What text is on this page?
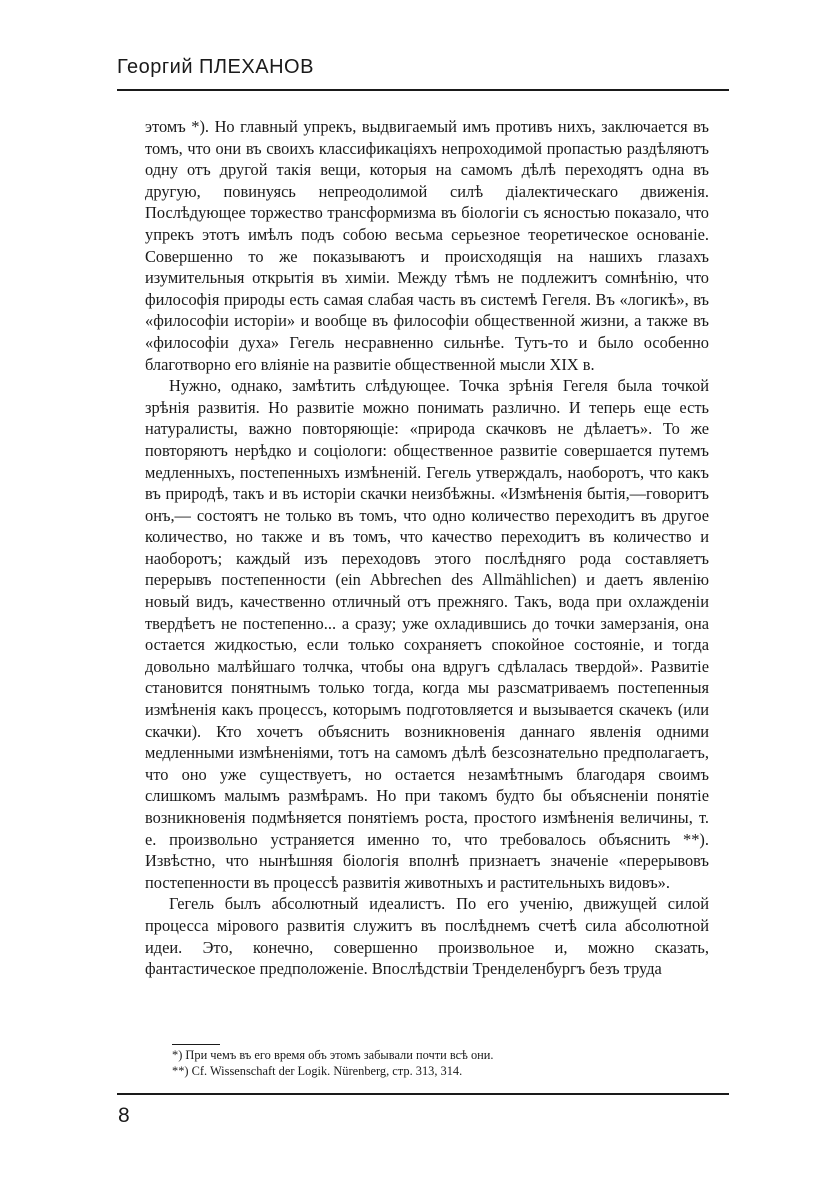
Георгий ПЛЕХАНОВ

этомъ *). Но главный упрекъ, выдвигаемый имъ противъ нихъ, заключается въ томъ, что они въ своихъ классификацiяхъ непроходимой пропастью раздѣляютъ одну отъ другой такiя вещи, которыя на самомъ дѣлѣ переходятъ одна въ другую, повинуясь непреодолимой силѣ дiалектическаго движенiя. Послѣдующее торжество трансформизма въ бiологiи съ ясностью показало, что упрекъ этотъ имѣлъ подъ собою весьма серьезное теоретическое основанiе. Совершенно то же показываютъ и происходящiя на нашихъ глазахъ изумительныя открытiя въ химiи. Между тѣмъ не подлежитъ сомнѣнiю, что философiя природы есть самая слабая часть въ системѣ Гегеля. Въ «логикѣ», въ «философiи исторiи» и вообще въ философiи общественной жизни, а также въ «философiи духа» Гегель несравненно сильнѣе. Тутъ-то и было особенно благотворно его влiянiе на развитiе общественной мысли XIX в.

Нужно, однако, замѣтить слѣдующее. Точка зрѣнiя Гегеля была точкой зрѣнiя развитiя. Но развитiе можно понимать различно. И теперь еще есть натуралисты, важно повторяющiе: «природа скачковъ не дѣлаетъ». То же повторяютъ нерѣдко и соцiологи: общественное развитiе совершается путемъ медленныхъ, постепенныхъ измѣненiй. Гегель утверждалъ, наоборотъ, что какъ въ природѣ, такъ и въ исторiи скачки неизбѣжны. «Измѣненiя бытiя,—говоритъ онъ,— состоятъ не только въ томъ, что одно количество переходитъ въ другое количество, но также и въ томъ, что качество переходитъ въ количество и наоборотъ; каждый изъ переходовъ этого послѣдняго рода составляетъ перерывъ постепенности (ein Abbrechen des Allmählichen) и даетъ явленiю новый видъ, качественно отличный отъ прежняго. Такъ, вода при охлажденiи твердѣетъ не постепенно... а сразу; уже охладившись до точки замерзанiя, она остается жидкостью, если только сохраняетъ спокойное состоянiе, и тогда довольно малѣйшаго толчка, чтобы она вдругъ сдѣлалась твердой». Развитiе становится понятнымъ только тогда, когда мы разсматриваемъ постепенныя измѣненiя какъ процессъ, которымъ подготовляется и вызывается скачекъ (или скачки). Кто хочетъ объяснить возникновенiя даннаго явленiя одними медленными измѣненiями, тотъ на самомъ дѣлѣ безсознательно предполагаетъ, что оно уже существуетъ, но остается незамѣтнымъ благодаря своимъ слишкомъ малымъ размѣрамъ. Но при такомъ будто бы объясненiи понятiе возникновенiя подмѣняется понятiемъ роста, простого измѣненiя величины, т. е. произвольно устраняется именно то, что требовалось объяснить **). Извѣстно, что нынѣшняя бiологiя вполнѣ признаетъ значенiе «перерывовъ постепенности въ процессѣ развитiя животныхъ и растительныхъ видовъ».

Гегель былъ абсолютный идеалистъ. По его ученiю, движущей силой процесса мiрового развитiя служитъ въ послѣднемъ счетѣ сила абсолютной идеи. Это, конечно, совершенно произвольное и, можно сказать, фантастическое предположенiе. Впослѣдствiи Тренделенбургъ безъ труда

*) При чемъ въ его время объ этомъ забывали почти всѣ они.
**) Cf. Wissenschaft der Logik. Nürenberg, стр. 313, 314.
8
